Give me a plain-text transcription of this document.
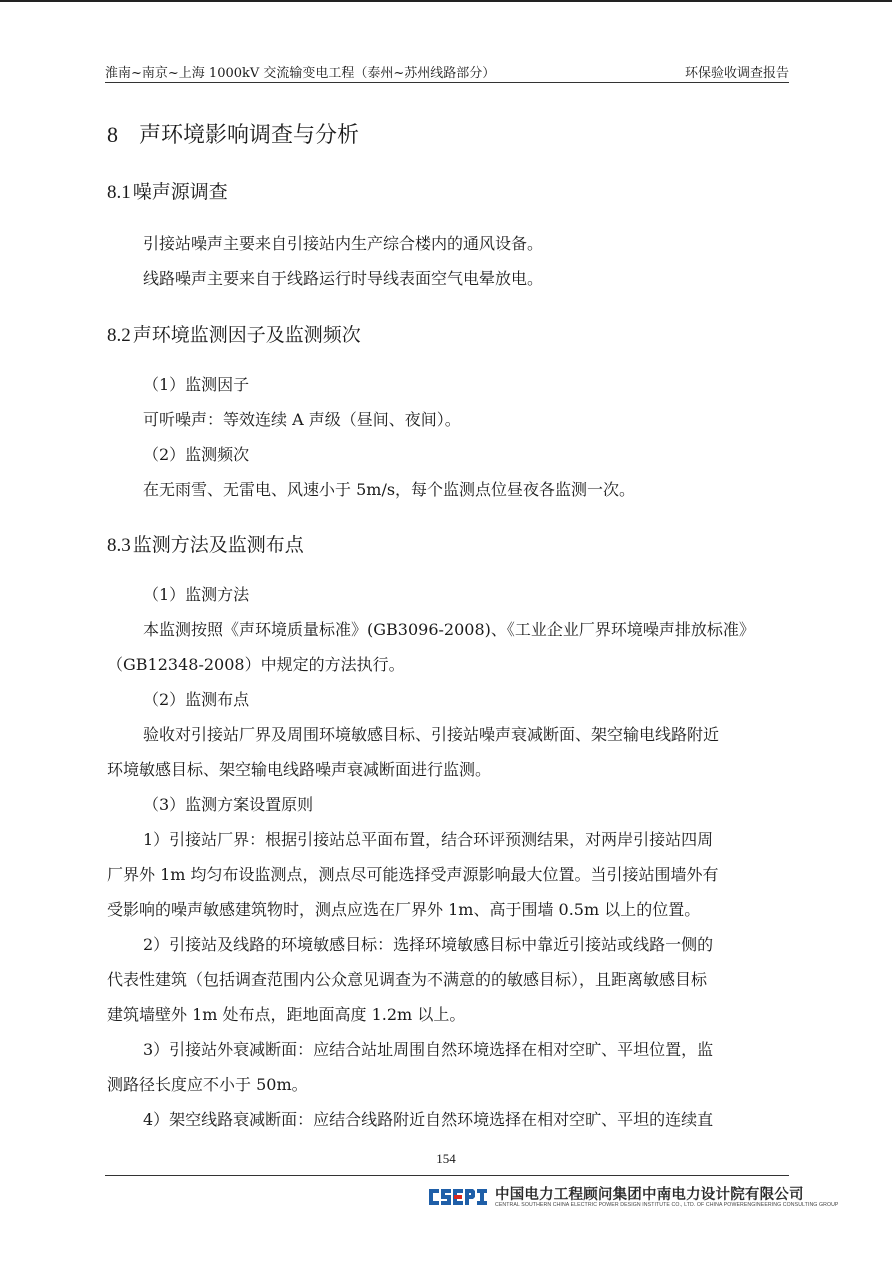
淮南~南京~上海 1000kV 交流输变电工程（泰州~苏州线路部分）	环保验收调查报告
8 声环境影响调查与分析
8.1 噪声源调查
引接站噪声主要来自引接站内生产综合楼内的通风设备。
线路噪声主要来自于线路运行时导线表面空气电晕放电。
8.2 声环境监测因子及监测频次
（1）监测因子
可听噪声：等效连续 A 声级（昼间、夜间）。
（2）监测频次
在无雨雪、无雷电、风速小于 5m/s，每个监测点位昼夜各监测一次。
8.3 监测方法及监测布点
（1）监测方法
本监测按照《声环境质量标准》(GB3096-2008)、《工业企业厂界环境噪声排放标准》
（GB12348-2008）中规定的方法执行。
（2）监测布点
验收对引接站厂界及周围环境敏感目标、引接站噪声衰减断面、架空输电线路附近
环境敏感目标、架空输电线路噪声衰减断面进行监测。
（3）监测方案设置原则
1）引接站厂界：根据引接站总平面布置，结合环评预测结果，对两岸引接站四周
厂界外 1m 均匀布设监测点，测点尽可能选择受声源影响最大位置。当引接站围墙外有
受影响的噪声敏感建筑物时，测点应选在厂界外 1m、高于围墙 0.5m 以上的位置。
2）引接站及线路的环境敏感目标：选择环境敏感目标中靠近引接站或线路一侧的
代表性建筑（包括调查范围内公众意见调查为不满意的的敏感目标），且距离敏感目标
建筑墙壁外 1m 处布点，距地面高度 1.2m 以上。
3）引接站外衰减断面：应结合站址周围自然环境选择在相对空旷、平坦位置，监
测路径长度应不小于 50m。
4）架空线路衰减断面：应结合线路附近自然环境选择在相对空旷、平坦的连续直
154
中国电力工程顾问集团中南电力设计院有限公司
CENTRAL SOUTHERN CHINA ELECTRIC POWER DESIGN INSTITUTE CO., LTD. OF CHINA POWERENGINEERING CONSULTING GROUP
